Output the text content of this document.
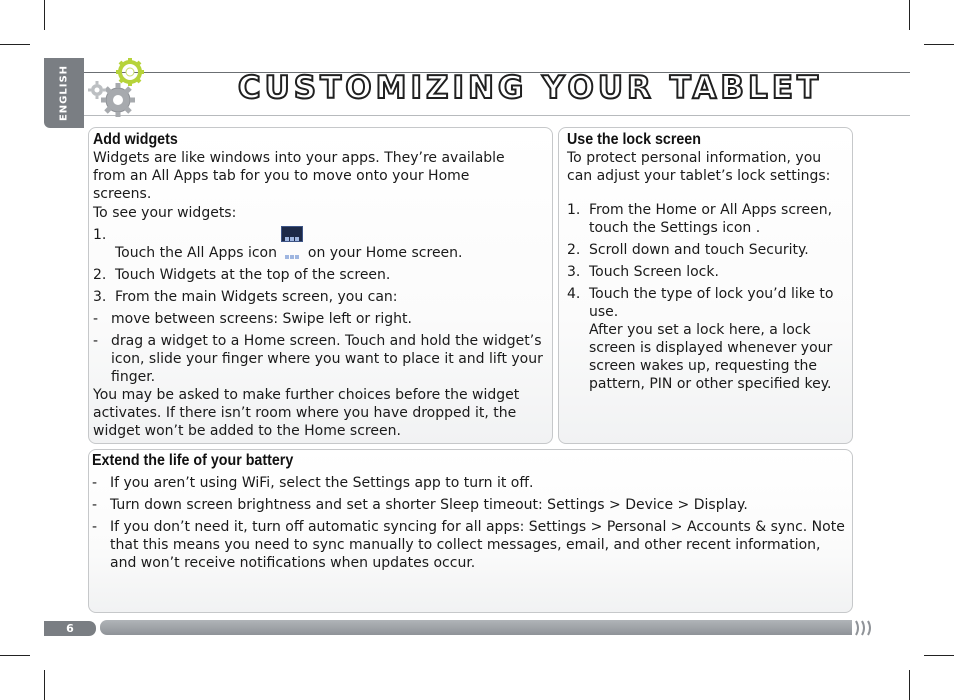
ENGLISH	CUSTOMIZING YOUR TABLET
Add widgets
Widgets are like windows into your apps. They’re available
from an All Apps tab for you to move onto your Home
screens.
To see your widgets:
1.
Touch the All Apps icon  on your Home screen.
2. Touch Widgets at the top of the screen.
3. From the main Widgets screen, you can:
- move between screens: Swipe left or right.
- drag a widget to a Home screen. Touch and hold the widget’s icon, slide your finger where you want to place it and lift your finger.
You may be asked to make further choices before the widget activates. If there isn’t room where you have dropped it, the widget won’t be added to the Home screen.
Use the lock screen
To protect personal information, you can adjust your tablet’s lock settings:
1. From the Home or All Apps screen, touch the Settings icon .
2. Scroll down and touch Security.
3. Touch Screen lock.
4. Touch the type of lock you’d like to use.
After you set a lock here, a lock screen is displayed whenever your screen wakes up, requesting the pattern, PIN or other specified key.
Extend the life of your battery
- If you aren’t using WiFi, select the Settings app to turn it off.
- Turn down screen brightness and set a shorter Sleep timeout: Settings > Device > Display.
- If you don’t need it, turn off automatic syncing for all apps: Settings > Personal > Accounts & sync. Note that this means you need to sync manually to collect messages, email, and other recent information, and won’t receive notifications when updates occur.
6
